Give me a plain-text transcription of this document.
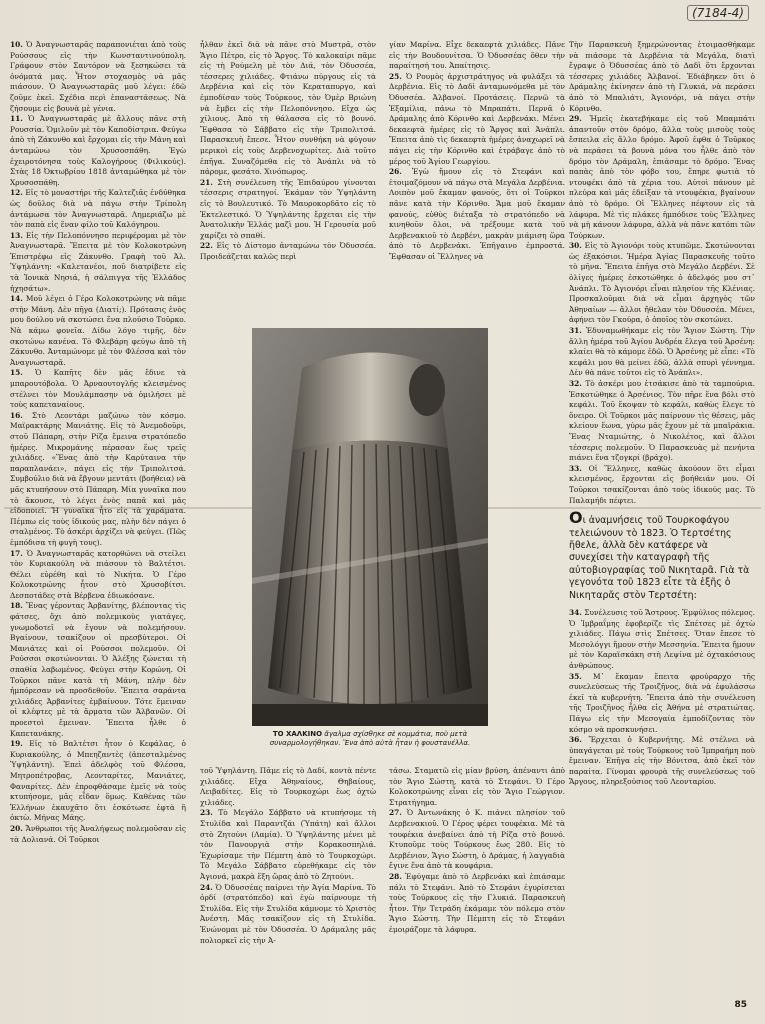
(7184-4)

10. Ὁ Ἀναγνωσταρᾶς παραπονιέται ἀπὸ τοὺς Ρούσσους εἰς τὴν Κωνσταντινούπολη. Γράφουν στὸν Σαντόρον νὰ ξεσηκώσει τὰ ὀνόματά μας. Ἦτον στοχασμὸς νὰ μᾶς πιάσουν. Ὁ Ἀναγνωσταρᾶς μοῦ λέγει: ἐδῶ ζοῦμε ἐκεῖ. Σχέδια περὶ ἐπαναστάσεως. Νὰ ζήσουμε εἰς βουνὰ μὲ γένια.

11. Ὁ Ἀναγνωσταρᾶς μὲ ἄλλους πᾶνε στὴ Ρουσσία. Ὁμιλοῦν μὲ τὸν Καποδίστρια. Φεύγω ἀπὸ τὴ Ζάκυνθο καὶ ἔρχομαι εἰς τὴν Μάνη καὶ ἀνταμώνω τὸν Χρυσοσπάθη. Ἐγὼ ἐχειροτόνησα τοὺς Καλογήρους (Φιλικούς). Στὰς 18 Ὀκτωβρίου 1818 ἀνταμώθηκα μὲ τὸν Χρυσοσπάθη.

12. Εἰς τὸ μοναστήρι τῆς Καλτεζιᾶς ἐνδύθηκα ὡς δοῦλος διὰ νὰ πάγω στὴν Τρίπολη ἀντάμωσα τὸν Ἀναγνωσταρᾶ. Λημεριάζω μὲ τὸν παπὰ εἰς ἕναν φίλο τοῦ Καλόγηρου.

13. Εἰς τὴν Πελοπόννησο περιφέρομαι μὲ τὸν Ἀναγνωσταρᾶ. Ἔπειτα μὲ τὸν Κολοκοτρώνη Ἐπιστρέφω εἰς Ζάκυνθο. Γραφὴ τοῦ Ἀλ. Ὑψηλάντη: «Καλετανέοι, ποῦ διατρίβετε εἰς τὰ Ἰονικὰ Νησιά, ἡ σάλπιγγα τῆς Ἑλλάδος ἠχησάτω».

14. Μοῦ λέγει ὁ Γέρο Κολοκοτρώνης νὰ πᾶμε στὴν Μάνη. Δὲν πῆγα (Διατί;). Πρότασις ἑνὸς μου δούλου νὰ σκοτώσει ἕνα πλούσιο Τοῦρκο. Νὰ κάμω φονεῖα. Δίδω λόγο τιμῆς, δὲν σκοτώνω κανένα. Τὸ Φλεβάρη φεύγω ἀπὸ τὴ Ζάκυνθο. Ἀνταμώνομε μὲ τὸν Φλέσσα καὶ τὸν Ἀναγνωσταρᾶ.

15. Ὁ Καπῆτς δὲν μᾶς ἔδινε τὰ μπαρουτόβολα. Ὁ Ἀρναουτογλῆς κλεισμένος στέλνει τὸν Μουλάμπασην νὰ ὁμιλήσει μὲ τοὺς καπεταναίους.

16. Στὸ Λεοντάρι μαζώνω τὸν κόσμο. Μαϊρακτάρης Μανιάτης. Εἰς τὸ Ἀνεμοδοῦρι, στοῦ Πάπαρη, στὴν Ρίζα ἔμεινα στρατόπεδο ἡμέρες. Μικρομάνης πέρασαν ἕως τρεῖς χιλιάδες. «Ἕνας ἀπὸ τὴν Καρύταινα τὴν παραπλανάει», πάγει εἰς τὴν Τριπολιτσά. Συμβούλιο διὰ νὰ ἔβγουν μεντάτι (βοήθεια) νὰ μᾶς κτυπήσουν στὸ Πάπαρη. Μία γυναῖκα που τὸ ἄκουσε, τὸ λέγει ἐνὸς παπᾶ καὶ μᾶς εἰδοποιεῖ. Ἡ γυναῖκα ἦτο εἰς τὰ χαράματα. Πέμπω εἰς τοὺς ἰδικούς μας, πλὴν δὲν πάγει ὁ σταλμένος. Τὸ ἀσκέρι ἀρχίζει νὰ φεύγει. (Πῶς ἐμπόδισα τὴ φυγὴ τους).

17. Ὁ Ἀναγνωσταρᾶς κατορθώνει νὰ στείλει τὸν Κυριακούλη νὰ πιάσουν τὸ Βαλτέτσι. Θέλει εὑρέθη καὶ τὸ Νικήτα. Ὁ Γέρο Κολοκοτρώνης ἦτον στὸ Χρυσοβίτσι. Δεσποτάδες στὰ Βέρβενα ἐδιωκόσανε.

18. Ἕνας γέροντας Ἀρβανίτης, βλέποντας τὶς φάτσες, ὄχι ἀπὸ πολεμικοὺς γιατάγες, γνωμοδοτεῖ νὰ ἔγουν νὰ πολεμήσουν. Βγαίνουν, τσακίζουν οἱ πρεσβύτεροι. Οἱ Μανιάτες καὶ οἱ Ρούσσοι πολεμοῦν. Οἱ Ρούσσοι σκοτώνονται. Ὁ Ἀλέξης ζώνεται τὴ σπαθία λαβωμένος. Φεύγει στὴν Κορώνη. Οἱ Τοῦρκοι πᾶνε κατὰ τὴ Μάνη, πλὴν δὲν ἠμπόρεσαν νὰ προσδεθοῦν. Ἔπειτα σαράντα χιλιάδες Ἀρβανίτες ἐμβαίνουν. Τότε ἔμειναν οἱ κλέφτες μὲ τὰ ἄρματα τῶν Ἀλβανῶν. Οἱ προεστοὶ ἔμειναν. Ἔπειτα ἦλθε ὁ Καπετανάκης.

19. Εἰς τὸ Βαλτέτσι ἦτον ὁ Κεφάλας, ὁ Κυριακούλης, ὁ Μπεηζαντὲς (ἀπεσταλμένος Ὑψηλάντη). Ἐπεὶ ἀδελφὸς τοῦ Φλέσσα, Μητροπέτροβας, Λεονταρίτες, Μανιάτες, Φαναρίτες. Δὲν ἐπροφθάσαμε ἐμεῖς νὰ τοὺς κτυπήσομε, μᾶς εἶδαν ὅμως. Καθένας τῶν Ἑλλήνων ἐκαυχᾶτο ὅτι ἐσκότωσε ἑφτὰ ἢ ὀκτὼ. Μήνας Μάης.

20. Ἄνθρωποι τῆς Ἀναλήψεως πολεμοῦσαν εἰς τὰ Δολιανά. Οἱ Τοῦρκοι

ἦλθαν ἐκεῖ διὰ νὰ πᾶνε στὸ Μυστρᾶ, στὸν Ἅγιο Πέτρο, εἰς τὸ Ἄργος. Τὸ καλοκαίρι πᾶμε εἰς τὴ Ρούμελη μὲ τὸν Διά, τὸν Ὀδυσσέα, τέσσερες χιλιάδες. Φτιάνω πύργους εἰς τὰ Δερβένια καὶ εἰς τὸν Κεραταπυργο, καὶ ἐμποδίσαν τοὺς Τούρκους, τὸν Ὀμὲρ Βριώνη νὰ ἔμβει εἰς τὴν Πελοπόννησο. Εἴχα ὡς χίλιους. Ἀπὸ τὴ θάλασσα εἰς τὸ βουνό. Ἔφθασα τὸ Σάββατο εἰς τὴν Τριπολιτσά. Παρασκευὴ ἔπεσε. Ἦτον συνθήκη νὰ φύγουν μερικοὶ εἰς τοὺς Δερβενοχωρίτες. Διὰ τοῦτο ἐπῆγα. Συναζόμεθα εἰς τὸ Ἀνάπλι νὰ τὸ πάρομε, φεσάτο. Χινόπωρος.

21. Στὴ συνέλευση τῆς Ἐπιδαύρου γίνονται τέσσερις στρατηγοί. Ἐκάμαν τὸν Ὑψηλάντη εἰς τὸ Βουλευτικό. Τὸ Μαυροκορδᾶτο εἰς τὸ Ἐκτελεστικό. Ὁ Ὑψηλάντης ἔρχεται εἰς τὴν Ἀνατολικὴν Ἑλλάς μαζὶ μου. Ἡ Γερουσία μοῦ χαρίζει τὸ σπαθί.

22. Εἰς τὸ Δίστομο ἀνταμώνω τὸν Ὀδυσσέα. Προιδεάζεται καλῶς περὶ

γίαν Μαρίνα. Εἶχε δεκαεφτὰ χιλιάδες. Πᾶνε εἰς τὴν Βουδουνίτσα. Ὁ Ὀδυσσέας ὅθεν τὴν παραίτησή του. Ἀπαίτησις.

25. Ὁ Ρουμὸς ἀρχιστράτηγος νὰ φυλάξει τὰ Δερβένια. Εἰς τὸ Δαδὶ ἀνταμωνόμεθα μὲ τὸν Ὀδυσσέα. Ἀλβανοί. Προτάσεις. Περνῶ τὰ Ἐξαμίλια, πάνω τὸ Μπραπάτι. Περνᾶ ὁ Δράμαλης ἀπὸ Κόρινθο καὶ Δερβενάκι. Μένει δεκαεφτὰ ἡμέρες εἰς τὸ Ἄργος καὶ Ἀνάπλι. Ἔπειτα ἀπὸ τὶς δεκαεφτὰ ἡμέρες ἀναχωρεῖ νὰ πάγει εἰς τὴν Κόρινθο καὶ ἐτράβαγε ἀπὸ τὸ μέρος τοῦ Ἁγίου Γεωργίου.

26. Ἐγὼ ἤμουν εἰς τὸ Στεφάνι καὶ ἑτοιμαζόμουν νὰ πάγω στὰ Μεγάλα Δερβένια. Λοιπὸν μοῦ ἔκαμαν φανούς, ὅτι οἱ Τοῦρκοι πᾶνε κατὰ τὴν Κόρινθο. Ἅμα μοῦ ἔκαμαν φανούς, εὐθὺς διέταξα τὸ στρατόπεδο νὰ κινηθοῦν ὅλοι, νὰ τρέξουμε κατὰ τοῦ Δερβενακιοῦ τὸ Δερβένι, μακρὰν μιάμιση ὥρα ἀπὸ τὸ Δερβενάκι. Ἐπῆγαινο ἐμπροστά. Ἔφθασαν οἱ Ἕλληνες νὰ

ΤΟ ΧΑΛΚΙΝΟ ἄγαλμα σχίσθηκε σὲ κομμάτια, ποὺ μετὰ συναρμολογήθηκαν. Ἕνα ἀπὸ αὐτὰ ἦταν ἡ φουστανέλλα.

τοῦ Ὑψηλάντη. Πᾶμε εἰς τὸ Δαδί, κοντὰ πέντε χιλιάδες. Εἴχα Ἀθηναίους, Θηβαίους, Λειβαδίτες. Εἰς τὸ Τουρκοχώρι ἕως ὀχτὼ χιλιάδες.

23. Τὸ Μεγάλο Σάββατο νὰ κτυπήσομε τὴ Στυλίδα καὶ Παραντζάι (Ὑπάτη) καὶ ἄλλοι στὸ Ζητούνι (Λαμία). Ὁ Ὑψηλάντης μένει μὲ τὸν Πανουργιὰ στὴν Κορακοσπηλιά. Ἐχωρίσαμε τὴν Πέμπτη ἀπὸ τὸ Τουρκοχώρι. Τὸ Μεγάλο Σάββατο εὑρεθήκαμε εἰς τὸν Ἀγιονά, μακρὰ ἕξη ὥρας ἀπὸ τὸ Ζητούνι.

24. Ὁ Ὀδυσσέας παίρνει τὴν Ἁγία Μαρίνα. Τὸ ὀρδί (στρατόπεδο) καὶ ἐγὼ παίρνουμε τὴ Στυλίδα. Εἰς τὴν Στυλίδα κάμνομε τὸ Χριστὸς Ἀνέστη. Μᾶς τσακίζουν εἰς τὴ Στυλίδα. Ἐνώνομαι μὲ τὸν Ὀδυσσέα. Ὁ Δράμαλης μᾶς πολιορκεῖ εἰς τὴν Ἀ-

τάσω. Σταματῶ εἰς μίαν βρύση, ἀπέναντι ἀπὸ τὸν Ἅγιο Σώστη, κατὰ τὸ Στεφάνι. Ὁ Γέρο Κολοκοτρώνης εἶναι εἰς τὸν Ἅγιο Γεώργιον. Στρατήγημα.

27. Ὁ Ἀντωνάκης ὁ Κ. πιάνει πλησίον τοῦ Δερβενακιοῦ. Ὁ Γέρος φέρει τουφέκια. Μὲ τὰ τουφέκια ἀνεβαίνει ἀπὸ τὴ Ρίζα στὸ βουνό. Κτυποῦμε τοὺς Τούρκους ἕως 280. Εἰς τὸ Δερβένιον, Ἅγιο Σώστη, ὁ Δράμας, ἡ λαγγαδιὰ ἔγινε ἕνα ἀπὸ τὰ κουφάρια.

28. Ἐφύγαμε ἀπὸ τὸ Δερβενάκι καὶ ἐπιάσαμε πάλι τὸ Στεφάνι. Ἀπὸ τὸ Στεφάνι ἐγυρίσεται τοὺς Τούρκους εἰς τὴν Γλυκιά. Παρασκευὴ ἦτον. Τὴν Τετράδη ἐκάμαμε τὸν πόλεμο στὸν Ἅγιο Σώστη. Τὴν Πέμπτη εἰς τὸ Στεφάνι ἐμοιράζομε τὰ λάφυρα.

Τὴν Παρασκευὴ ξημερώνοντας ἑτοιμασθήκαμε νὰ πιάσομε τὰ Δερβένια τὰ Μεγάλα, διατὶ ἔγραψε ὁ Ὀδυσσέας ἀπὸ τὸ Δαδὶ ὅτι ἔρχονται τέσσερες χιλιάδες Ἀλβανοί. Ἐδιάβηκεν ὅτι ὁ Δράμαλης ἐκίνησεν ἀπὸ τὴ Γλυκιά, νὰ περάσει ἀπὸ τὸ Μπαλιάτι, Ἁγιονόρι, νὰ πάγει στὴν Κόρινθο.

29. Ἡμεῖς ἐκατεβήκαμε εἰς τοῦ Μπαμπάτι ἀπαντοῦν στὸν δρόμο, ἄλλα τοὺς μισοὺς τοὺς ἔσπειλα εἰς ἄλλο δρόμο. Ἀφοῦ ἐφθα ὁ Τοῦρκος νὰ περάσει τὰ βουνὰ μόνα του ἦλθε ἀπὸ τὸν δρόμο τὸν Δράμαλη, ἐπιάσαμε τὸ δρόμο. Ἕνας παπὰς ἀπὸ τὸν φόβο του, ἔπηρε φωτιὰ τὸ ντουφέκι ἀπὸ τὰ χέρια του. Αὐτοὶ πάνουν μὲ πλεύρα καὶ μᾶς ἐδείξαν τὰ ντουφέκια, βγαίνουν ἀπὸ τὸ δρόμο. Οἱ Ἕλληνες πέφτουν εἰς τὰ λάφυρα. Μὲ τὶς πλάκες ἡμπόδισε τοὺς Ἕλληνες νὰ μὴ κάνουν λάφυρα, ἀλλὰ νὰ πᾶνε κατόπι τῶν Τούρκων.

30. Εἰς τὸ Ἀγιονόρι τοὺς κτυπῶμε. Σκοτώνονται ὡς ἐξακόσιοι. Ἡμέρα Ἁγίας Παρασκευῆς τοῦτο τὸ μῆνα. Ἔπειτα ἐπῆγα στὸ Μεγάλο Δερβένι. Σὲ ὀλίγες ἡμέρες ἐσκοτώθηκε ὁ ἀδελφός μου στ᾽ Ἀνάπλι. Τὸ Ἀγιονόρι εἶναι πλησίον τῆς Κλένιας. Προσκαλοῦμαι διὰ νὰ εἶμαι ἀρχηγὸς τῶν Ἀθηναίων — ἄλλοι ἤθελαν τὸν Ὀδυσσέα. Μένει, ἀφήνει τὸν Γκούρα, ὁ ὁποῖος τὸν σκοτώνει.

31. Ἐδυναμωθήκαμε εἰς τὸν Ἅγιον Σώστη. Τὴν ἄλλη ἡμέρα τοῦ Ἁγίου Ἀνδρέα ἔλεγα τοῦ Ἀρσένη: κλαίει θὰ τὸ κάμομε ἐδῶ. Ὁ Ἀρσένης μὲ εἶπε: «Τὸ κεφάλι μου θὰ μείνει ἐδῶ, ἀλλὰ σπυρὶ γέννημα. Δὲν θὰ πάνε τοῦτοι εἰς τὸ Ἀνάπλι».

32. Τὸ ἀσκέρι μου ἐτσάκισε ἀπὸ τὰ ταμπούρια. Ἐσκοτώθηκε ὁ Ἀρσένιος. Τὸν πῆρε ἕνα βόλι στὸ κεφάλι. Τοῦ ἔκοψαν τὸ κεφάλι, καθὼς ἔλεγε τὸ ὄνειρο. Οἱ Τοῦρκοι μᾶς παίρνουν τὶς θέσεις, μᾶς κλείουν ἕωνα, γύρω μᾶς ἔχουν μὲ τὰ μπαϊράκια. Ἕνας Νταμιώτης, ὁ Νικολέτος, καὶ ἄλλοι τέσσερις πολεμοῦν. Ὁ Παρασκευὰς μὲ πενήντα πιάνει ἕνα τζογκρί (βράχο).

33. Οἱ Ἕλληνες, καθὼς ἀκούουν ὅτι εἶμαι κλεισμένος, ἔρχονται εἰς βοήθειάν μου. Οἱ Τοῦρκοι τσακίζονται ἀπὸ τοὺς ἰδικούς μας. Τὸ Παλαμήδι πέφτει.

Οι ἀναμνήσεις τοῦ Τουρκοφάγου τελειώνουν τὸ 1823. Ὁ Τερτσέτης ἤθελε, ἀλλὰ δὲν κατάφερε νὰ συνεχίσει τὴν καταγραφὴ τῆς αὐτοβιογραφίας τοῦ Νικηταρᾶ. Γιὰ τὰ γεγονότα τοῦ 1823 εἶτε τὰ ἑξῆς ὁ Νικηταρᾶς στὸν Τερτσέτη:

34. Συνέλευσις τοῦ Ἄστρους. Ἐμφύλιος πόλεμος. Ὁ Ἰμβραΐμης ἐφοβερίζε τὶς Σπέτσες μὲ ὀχτὼ χιλιάδες. Πάγω στὶς Σπέτσες. Ὅταν ἔπεσε τὸ Μεσολόγγι ἤμουν στὴν Μεσσηνία. Ἔπειτα ἤμουν μὲ τὸν Καραϊσκάκη στὴ Λεψίνα μὲ ὀχτακόσιους ἀνθρώπους.

35. Μ᾽ ἔκαμαν ἔπειτα φρούραρχο τῆς συνελεύσεως τῆς Τροιζῆνος, διὰ νὰ ἐφυλάσσω ἐκεῖ τὰ κυβερνήτη. Ἔπειτα ἀπὸ τὴν συνέλευση τῆς Τροιζῆνος ἦλθα εἰς Ἀθήνα μὲ στρατιώτας. Πάγω εἰς τὴν Μεσογαία ἐμποδίζοντας τὸν κόσμο νὰ προσκυνήσει.

36. Ἔρχεται ὁ Κυβερνήτης. Μὲ στέλνει νὰ ὑπαγάγεται μὲ τοὺς Τούρκους τοῦ Ἰμπραήμη ποὺ ἔμειναν. Ἐπῆγα εἰς τὴν Βόνιτσα, ἀπὸ ἐκεῖ τὸν παραίτα. Γίνομαι φρουρὰ τῆς συνελεύσεως τοῦ Ἄργους, πληρεξούσιος τοῦ Λεονταρίου.

85
